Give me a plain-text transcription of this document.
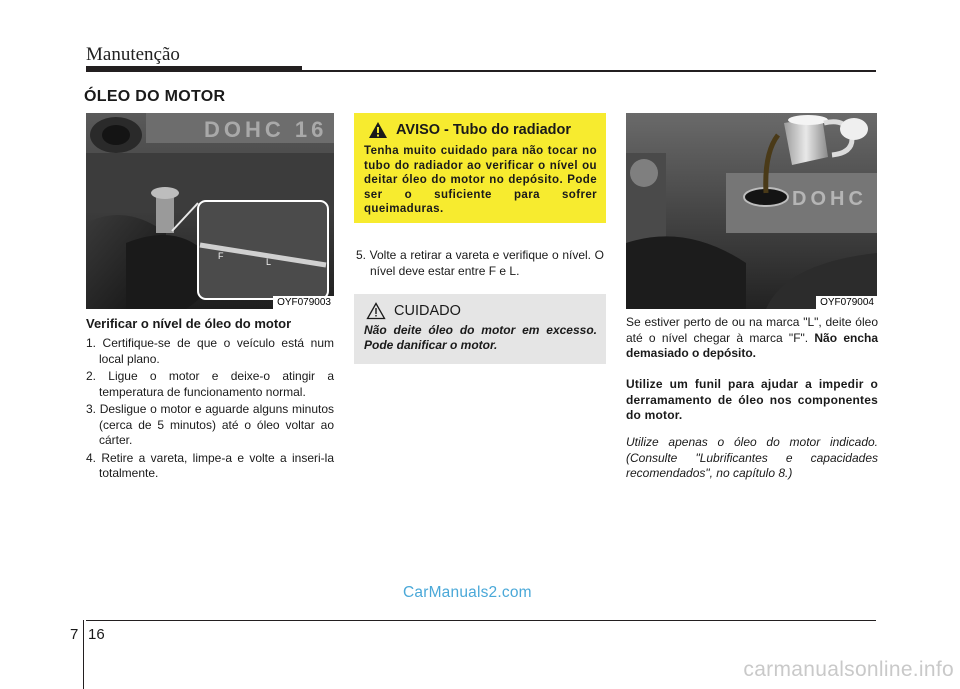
Manutenção
ÓLEO DO MOTOR
DOHC 16
F
L
OYF079003
Verificar o nível de óleo do motor
1. Certifique-se de que o veículo está num local plano.
2. Ligue o motor e deixe-o atingir a temperatura de funcionamento normal.
3. Desligue o motor e aguarde alguns minutos (cerca de 5 minutos) até o óleo voltar ao cárter.
4. Retire a vareta, limpe-a e volte a inseri-la totalmente.
AVISO - Tubo do radiador
Tenha muito cuidado para não tocar no tubo do radiador ao verificar o nível ou deitar óleo do motor no depósito. Pode ser o suficiente para sofrer queimaduras.
5. Volte a retirar a vareta e verifique o nível. O nível deve estar entre F e L.
CUIDADO
Não deite óleo do motor em excesso. Pode danificar o motor.
DOHC
OYF079004
Se estiver perto de ou na marca "L", deite óleo até o nível chegar à marca "F". Não encha demasiado o depósito.
Utilize um funil para ajudar a impedir o derramamento de óleo nos componentes do motor.
Utilize apenas o óleo do motor indicado. (Consulte "Lubrificantes e capacidades recomendados", no capítulo 8.)
CarManuals2.com
7 16
carmanualsonline.info
